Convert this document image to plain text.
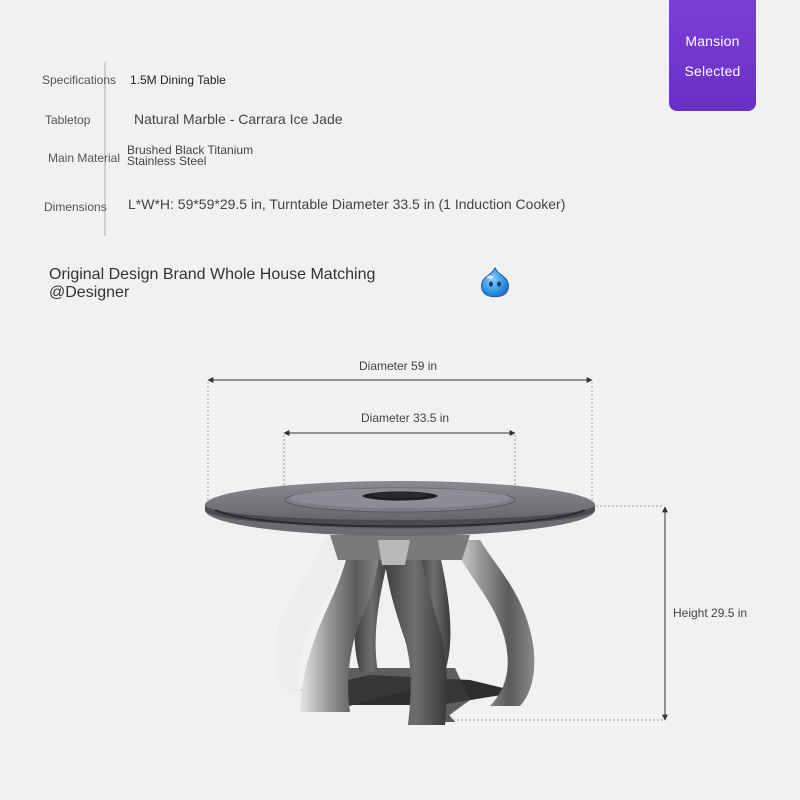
Mansion
Selected
Specifications 1.5M Dining Table
Tabletop	Natural Marble - Carrara Ice Jade
Main Material
Brushed Black Titanium
Stainless Steel
Dimensions L*W*H: 59*59*29.5 in, Turntable Diameter 33.5 in (1 Induction Cooker)
Original Design Brand Whole House Matching
@Designer
Diameter 59 in
Diameter 33.5 in
Height 29.5 in
